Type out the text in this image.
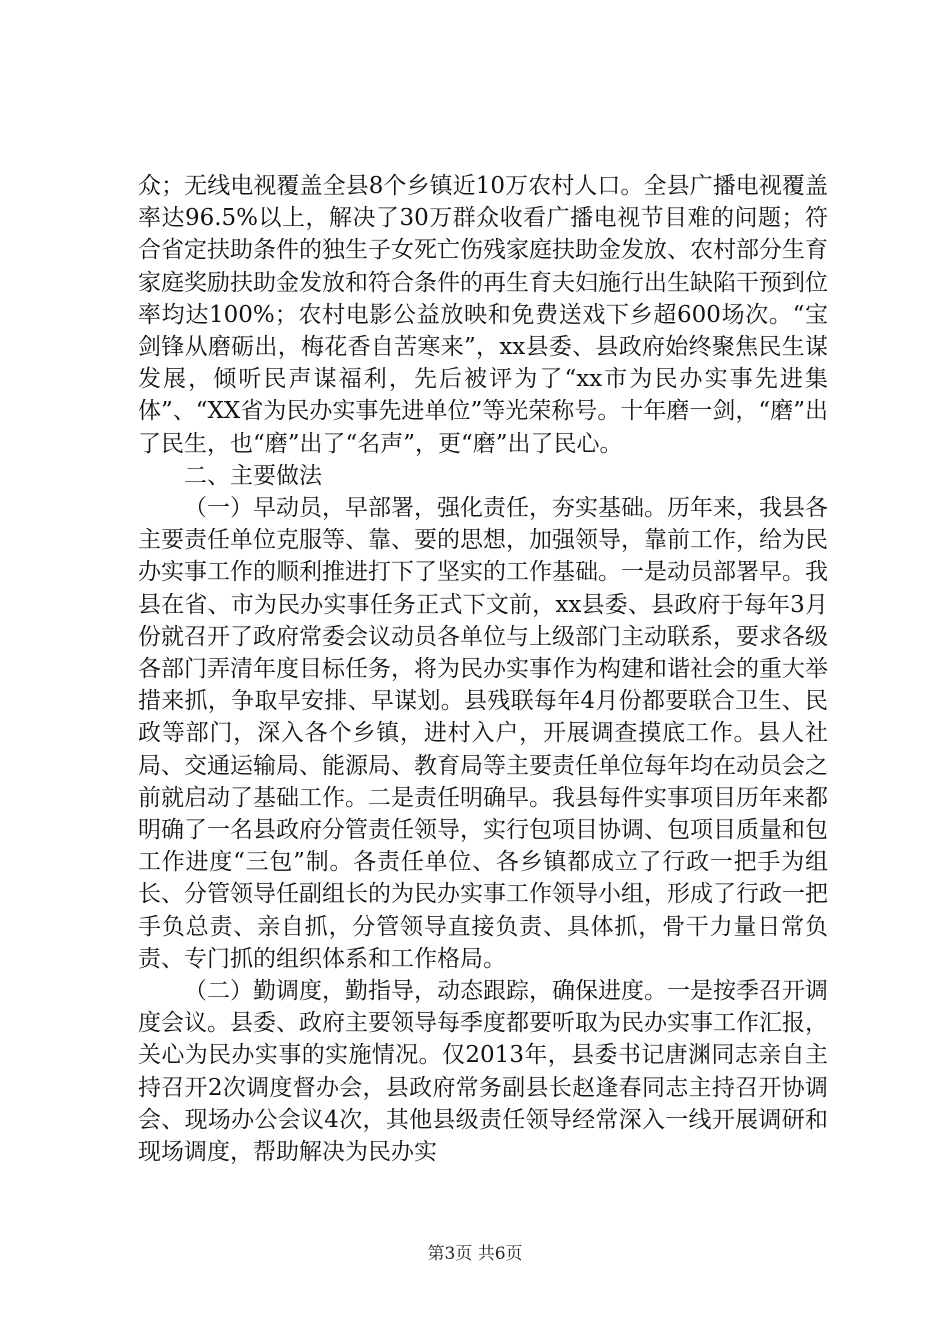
众；无线电视覆盖全县8个乡镇近10万农村人口。全县广播电视覆盖率达96.5%以上，解决了30万群众收看广播电视节目难的问题；符合省定扶助条件的独生子女死亡伤残家庭扶助金发放、农村部分生育家庭奖励扶助金发放和符合条件的再生育夫妇施行出生缺陷干预到位率均达100%；农村电影公益放映和免费送戏下乡超600场次。“宝剑锋从磨砺出，梅花香自苦寒来”，xx县委、县政府始终聚焦民生谋发展，倾听民声谋福利，先后被评为了“xx市为民办实事先进集体”、“XX省为民办实事先进单位”等光荣称号。十年磨一剑，“磨”出了民生，也“磨”出了“名声”，更“磨”出了民心。

二、主要做法

（一）早动员，早部署，强化责任，夯实基础。历年来，我县各主要责任单位克服等、靠、要的思想，加强领导，靠前工作，给为民办实事工作的顺利推进打下了坚实的工作基础。一是动员部署早。我县在省、市为民办实事任务正式下文前，xx县委、县政府于每年3月份就召开了政府常委会议动员各单位与上级部门主动联系，要求各级各部门弄清年度目标任务，将为民办实事作为构建和谐社会的重大举措来抓，争取早安排、早谋划。县残联每年4月份都要联合卫生、民政等部门，深入各个乡镇，进村入户，开展调查摸底工作。县人社局、交通运输局、能源局、教育局等主要责任单位每年均在动员会之前就启动了基础工作。二是责任明确早。我县每件实事项目历年来都明确了一名县政府分管责任领导，实行包项目协调、包项目质量和包工作进度“三包”制。各责任单位、各乡镇都成立了行政一把手为组长、分管领导任副组长的为民办实事工作领导小组，形成了行政一把手负总责、亲自抓，分管领导直接负责、具体抓，骨干力量日常负责、专门抓的组织体系和工作格局。

（二）勤调度，勤指导，动态跟踪，确保进度。一是按季召开调度会议。县委、政府主要领导每季度都要听取为民办实事工作汇报，关心为民办实事的实施情况。仅2013年，县委书记唐渊同志亲自主持召开2次调度督办会，县政府常务副县长赵逢春同志主持召开协调会、现场办公会议4次，其他县级责任领导经常深入一线开展调研和现场调度，帮助解决为民办实

第3页 共6页
